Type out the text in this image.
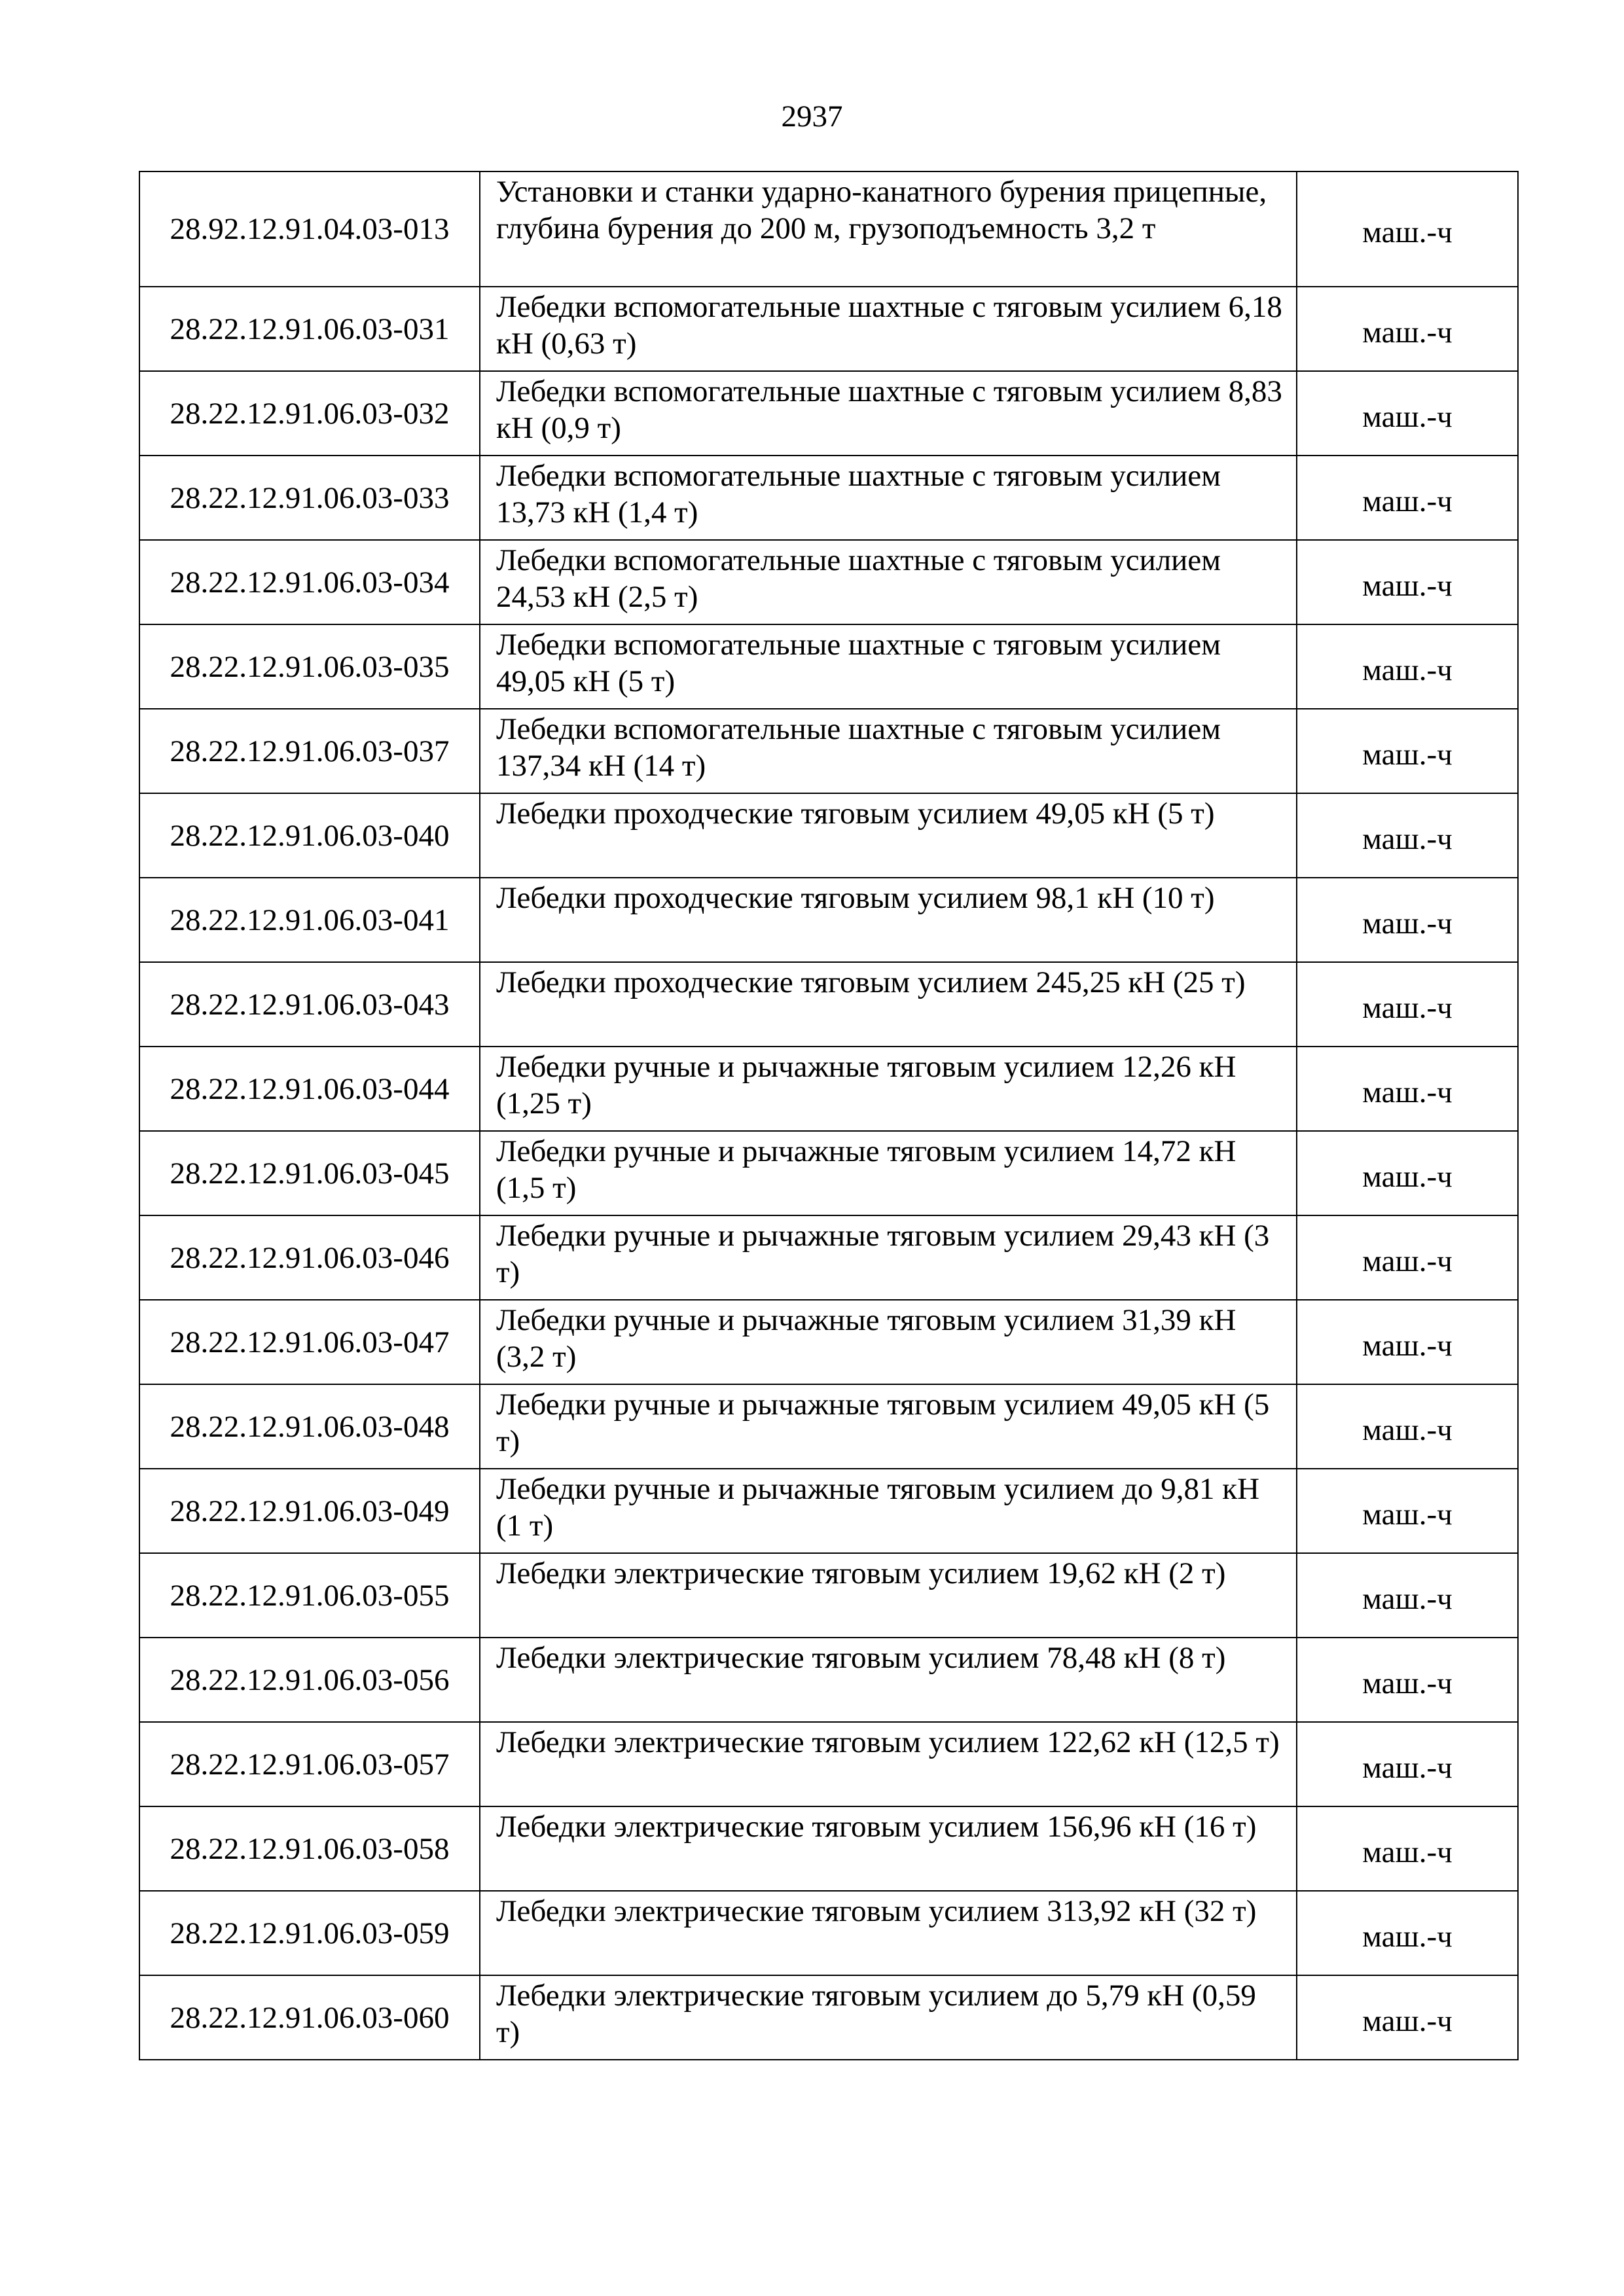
2937
28.92.12.91.04.03-013	Установки и станки ударно-канатного бурения прицепные, глубина бурения до 200 м, грузоподъемность 3,2 т	маш.-ч
28.22.12.91.06.03-031	Лебедки вспомогательные шахтные с тяговым усилием 6,18 кН (0,63 т)	маш.-ч
28.22.12.91.06.03-032	Лебедки вспомогательные шахтные с тяговым усилием 8,83 кН (0,9 т)	маш.-ч
28.22.12.91.06.03-033	Лебедки вспомогательные шахтные с тяговым усилием 13,73 кН (1,4 т)	маш.-ч
28.22.12.91.06.03-034	Лебедки вспомогательные шахтные с тяговым усилием 24,53 кН (2,5 т)	маш.-ч
28.22.12.91.06.03-035	Лебедки вспомогательные шахтные с тяговым усилием 49,05 кН (5 т)	маш.-ч
28.22.12.91.06.03-037	Лебедки вспомогательные шахтные с тяговым усилием 137,34 кН (14 т)	маш.-ч
28.22.12.91.06.03-040	Лебедки проходческие тяговым усилием 49,05 кН (5 т)	маш.-ч
28.22.12.91.06.03-041	Лебедки проходческие тяговым усилием 98,1 кН (10 т)	маш.-ч
28.22.12.91.06.03-043	Лебедки проходческие тяговым усилием 245,25 кН (25 т)	маш.-ч
28.22.12.91.06.03-044	Лебедки ручные и рычажные тяговым усилием 12,26 кН (1,25 т)	маш.-ч
28.22.12.91.06.03-045	Лебедки ручные и рычажные тяговым усилием 14,72 кН (1,5 т)	маш.-ч
28.22.12.91.06.03-046	Лебедки ручные и рычажные тяговым усилием 29,43 кН (3 т)	маш.-ч
28.22.12.91.06.03-047	Лебедки ручные и рычажные тяговым усилием 31,39 кН (3,2 т)	маш.-ч
28.22.12.91.06.03-048	Лебедки ручные и рычажные тяговым усилием 49,05 кН (5 т)	маш.-ч
28.22.12.91.06.03-049	Лебедки ручные и рычажные тяговым усилием до 9,81 кН (1 т)	маш.-ч
28.22.12.91.06.03-055	Лебедки электрические тяговым усилием 19,62 кН (2 т)	маш.-ч
28.22.12.91.06.03-056	Лебедки электрические тяговым усилием 78,48 кН (8 т)	маш.-ч
28.22.12.91.06.03-057	Лебедки электрические тяговым усилием 122,62 кН (12,5 т)	маш.-ч
28.22.12.91.06.03-058	Лебедки электрические тяговым усилием 156,96 кН (16 т)	маш.-ч
28.22.12.91.06.03-059	Лебедки электрические тяговым усилием 313,92 кН (32 т)	маш.-ч
28.22.12.91.06.03-060	Лебедки электрические тяговым усилием до 5,79 кН (0,59 т)	маш.-ч
